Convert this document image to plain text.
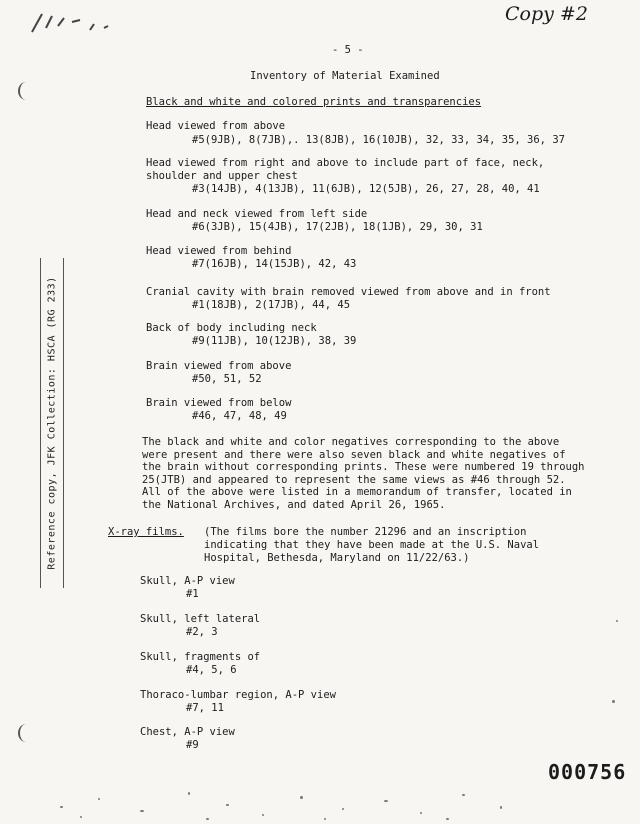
Copy #2
- 5 -
Inventory of Material Examined
Black and white and colored prints and transparencies
Head viewed from above
#5(9JB), 8(7JB),. 13(8JB), 16(10JB), 32, 33, 34, 35, 36, 37
Head viewed from right and above to include part of face, neck,
shoulder and upper chest
#3(14JB), 4(13JB), 11(6JB), 12(5JB), 26, 27, 28, 40, 41
Head and neck viewed from left side
#6(3JB), 15(4JB), 17(2JB), 18(1JB), 29, 30, 31
Head viewed from behind
#7(16JB), 14(15JB), 42, 43
Cranial cavity with brain removed viewed from above and in front
#1(18JB), 2(17JB), 44, 45
Back of body including neck
#9(11JB), 10(12JB), 38, 39
Brain viewed from above
#50, 51, 52
Brain viewed from below
#46, 47, 48, 49
The black and white and color negatives corresponding to the above were present and there were also seven black and white negatives of the brain without corresponding prints. These were numbered 19 through 25(JTB) and appeared to represent the same views as #46 through 52. All of the above were listed in a memorandum of transfer, located in the National Archives, and dated April 26, 1965.
X-ray films. (The films bore the number 21296 and an inscription
indicating that they have been made at the U.S. Naval
Hospital, Bethesda, Maryland on 11/22/63.)
Skull, A-P view
#1
Skull, left lateral
#2, 3
Skull, fragments of
#4, 5, 6
Thoraco-lumbar region, A-P view
#7, 11
Chest, A-P view
#9
Reference copy, JFK Collection: HSCA (RG 233)
000756
